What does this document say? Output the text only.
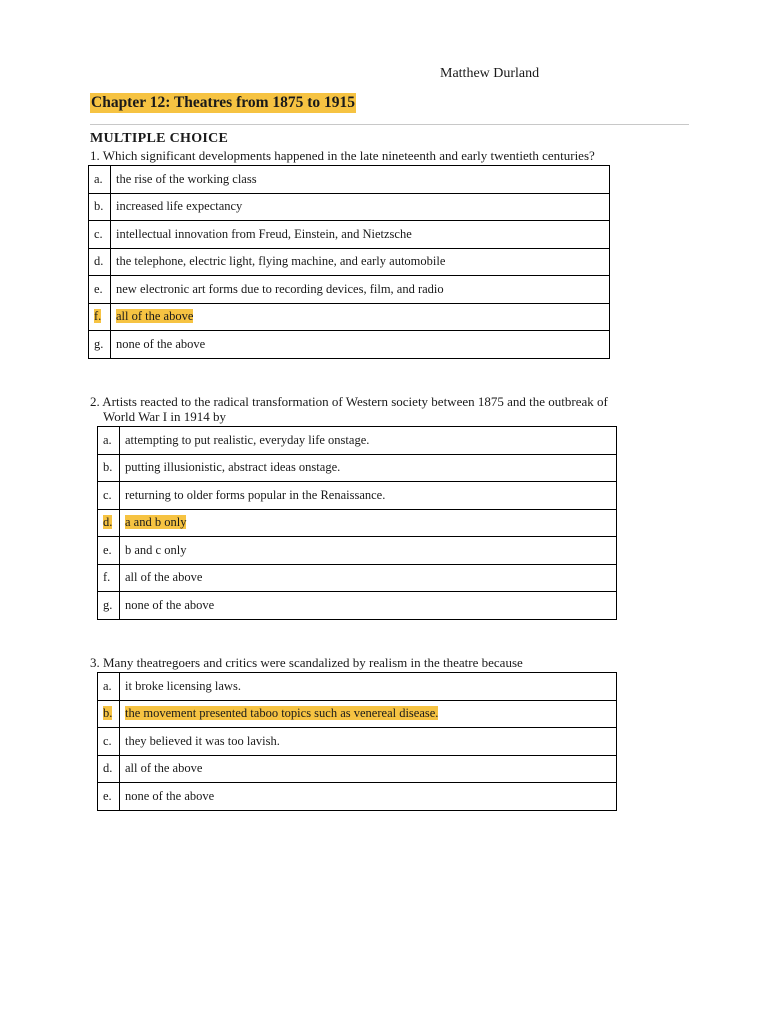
Matthew Durland
Chapter 12: Theatres from 1875 to 1915
MULTIPLE CHOICE
1. Which significant developments happened in the late nineteenth and early twentieth centuries?
a.	the rise of the working class
b.	increased life expectancy
c.	intellectual innovation from Freud, Einstein, and Nietzsche
d.	the telephone, electric light, flying machine, and early automobile
e.	new electronic art forms due to recording devices, film, and radio
f.	all of the above
g.	none of the above
2. Artists reacted to the radical transformation of Western society between 1875 and the outbreak of
World War I in 1914 by
a.	attempting to put realistic, everyday life onstage.
b.	putting illusionistic, abstract ideas onstage.
c.	returning to older forms popular in the Renaissance.
d.	a and b only
e.	b and c only
f.	all of the above
g.	none of the above
3. Many theatregoers and critics were scandalized by realism in the theatre because
a.	it broke licensing laws.
b.	the movement presented taboo topics such as venereal disease.
c.	they believed it was too lavish.
d.	all of the above
e.	none of the above
